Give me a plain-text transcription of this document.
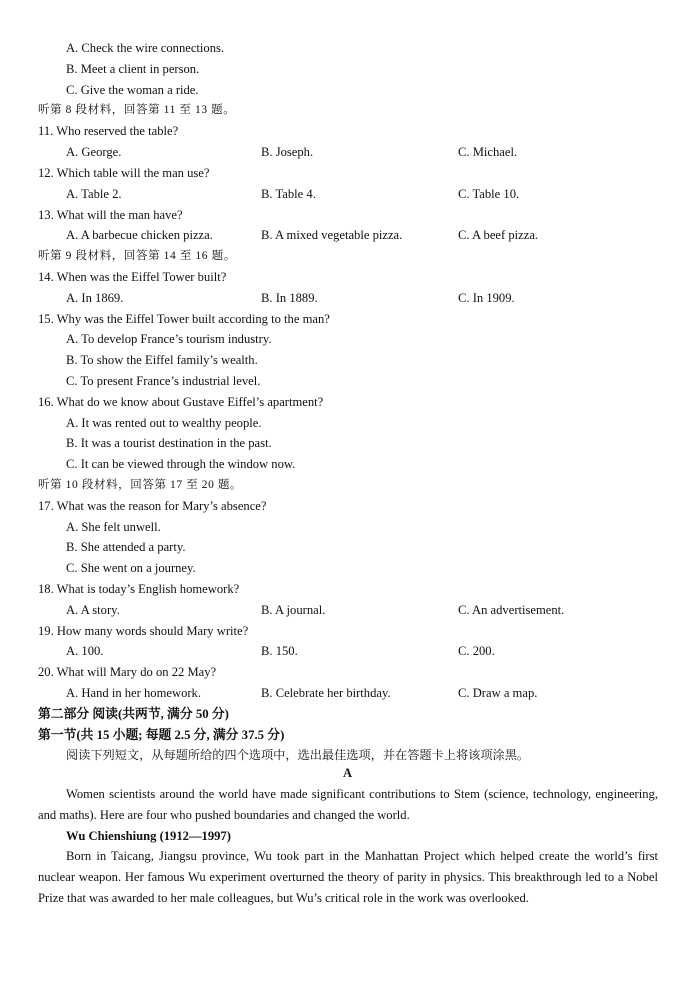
A. Check the wire connections.
B. Meet a client in person.
C. Give the woman a ride.
听第 8 段材料，回答第 11 至 13 题。
11. Who reserved the table?
A. George.	B. Joseph.	C. Michael.
12. Which table will the man use?
A. Table 2.	B. Table 4.	C. Table 10.
13. What will the man have?
A. A barbecue chicken pizza.	B. A mixed vegetable pizza.	C. A beef pizza.
听第 9 段材料，回答第 14 至 16 题。
14. When was the Eiffel Tower built?
A. In 1869.	B. In 1889.	C. In 1909.
15. Why was the Eiffel Tower built according to the man?
A. To develop France’s tourism industry.
B. To show the Eiffel family’s wealth.
C. To present France’s industrial level.
16. What do we know about Gustave Eiffel’s apartment?
A. It was rented out to wealthy people.
B. It was a tourist destination in the past.
C. It can be viewed through the window now.
听第 10 段材料，回答第 17 至 20 题。
17. What was the reason for Mary’s absence?
A. She felt unwell.
B. She attended a party.
C. She went on a journey.
18. What is today’s English homework?
A. A story.	B. A journal.	C. An advertisement.
19. How many words should Mary write?
A. 100.	B. 150.	C. 200.
20. What will Mary do on 22 May?
A. Hand in her homework.	B. Celebrate her birthday.	C. Draw a map.
第二部分 阅读(共两节, 满分 50 分)
第一节(共 15 小题; 每题 2.5 分, 满分 37.5 分)
阅读下列短文，从每题所给的四个选项中，选出最佳选项，并在答题卡上将该项涂黑。
A
Women scientists around the world have made significant contributions to Stem (science, technology, engineering, and maths). Here are four who pushed boundaries and changed the world.
Wu Chienshiung (1912—1997)
Born in Taicang, Jiangsu province, Wu took part in the Manhattan Project which helped create the world’s first nuclear weapon. Her famous Wu experiment overturned the theory of parity in physics. This breakthrough led to a Nobel Prize that was awarded to her male colleagues, but Wu’s critical role in the work was overlooked.
